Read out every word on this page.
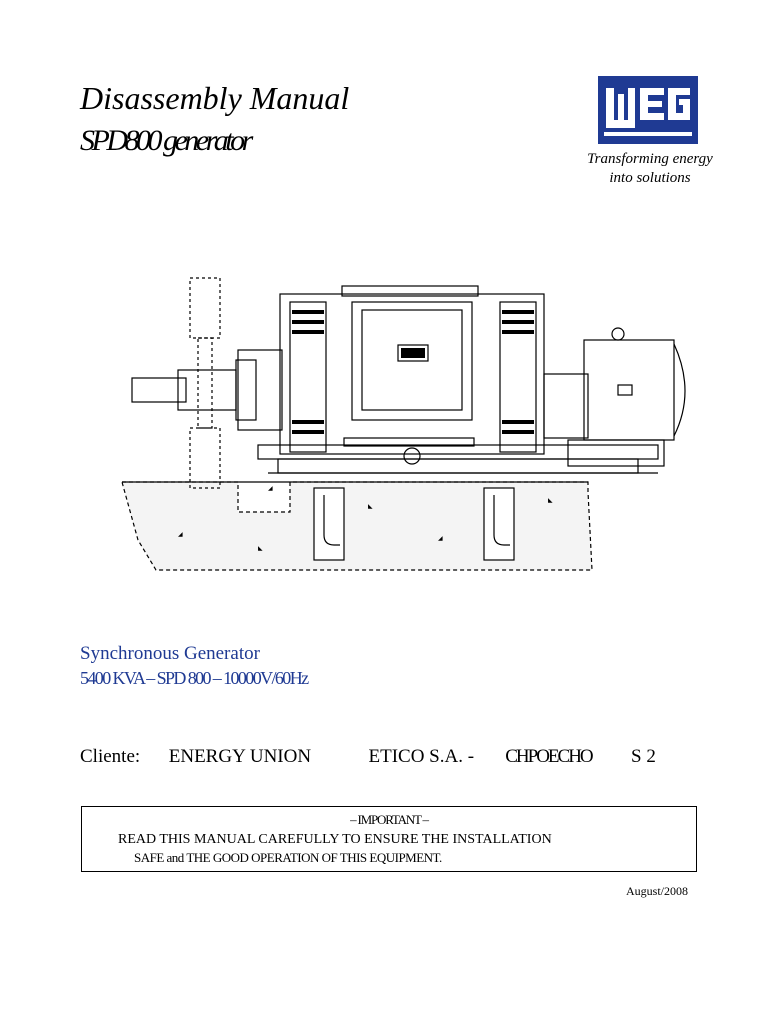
Disassembly Manual
SPD800 generator
Transforming energy
into solutions
◢
◣
◢
◣
◢
◣
Synchronous Generator
5400 KVA – SPD 800 – 10000V/60Hz
Cliente: ENERGY UNION	ETICO S.A. - CHPOECHO S 2
– IMPORTANT –
READ THIS MANUAL CAREFULLY TO ENSURE THE INSTALLATION
SAFE and THE GOOD OPERATION OF THIS EQUIPMENT.
August/2008
